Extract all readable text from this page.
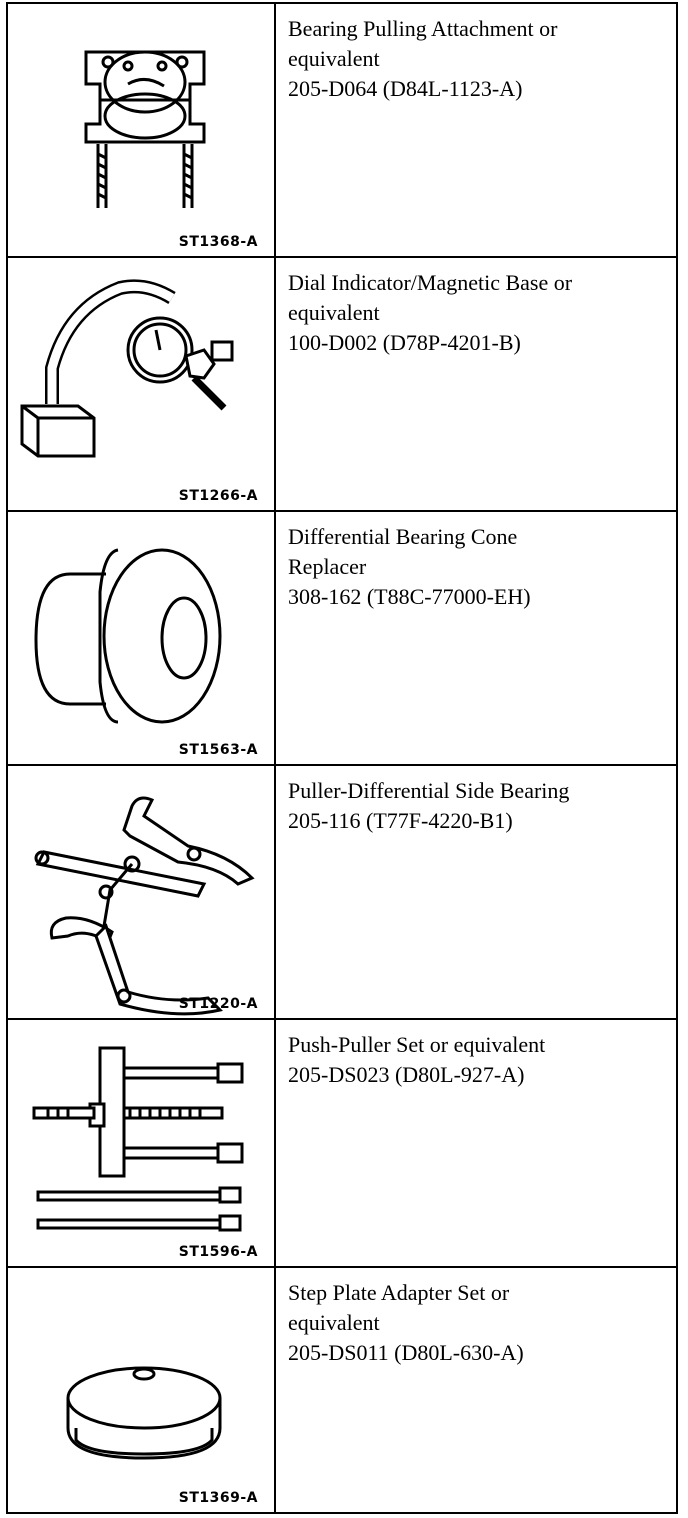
ST1368-A
Bearing Pulling Attachment or
equivalent
205-D064 (D84L-1123-A)
ST1266-A
Dial Indicator/Magnetic Base or
equivalent
100-D002 (D78P-4201-B)
ST1563-A
Differential Bearing Cone
Replacer
308-162 (T88C-77000-EH)
ST1220-A
Puller-Differential Side Bearing
205-116 (T77F-4220-B1)
ST1596-A
Push-Puller Set or equivalent
205-DS023 (D80L-927-A)
ST1369-A
Step Plate Adapter Set or
equivalent
205-DS011 (D80L-630-A)
